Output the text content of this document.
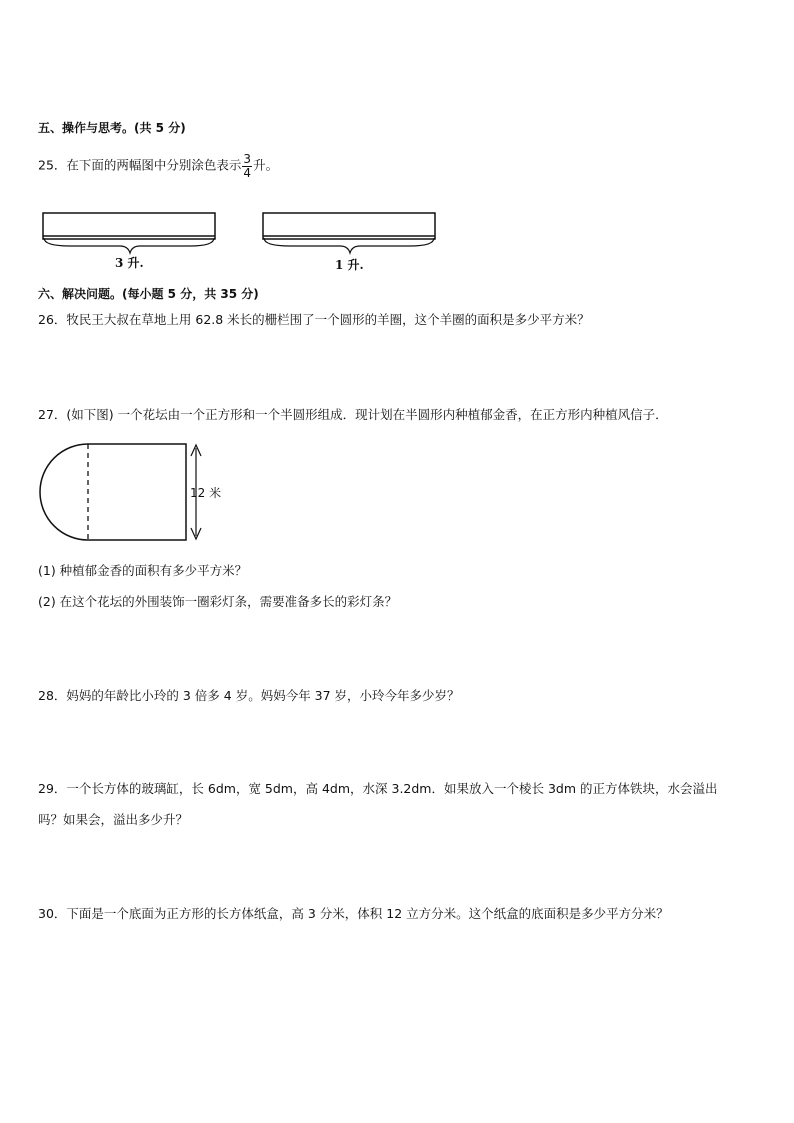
五、操作与思考。(共 5 分)
25．在下面的两幅图中分别涂色表示 $\frac{3}{4}$ 升。
3 升.	1 升.
六、解决问题。(每小题 5 分，共 35 分)
26．牧民王大叔在草地上用 62.8 米长的栅栏围了一个圆形的羊圈，这个羊圈的面积是多少平方米？
27．(如下图) 一个花坛由一个正方形和一个半圆形组成．现计划在半圆形内种植郁金香，在正方形内种植风信子．
12 米
(1) 种植郁金香的面积有多少平方米？
(2) 在这个花坛的外围装饰一圈彩灯条，需要准备多长的彩灯条？
28．妈妈的年龄比小玲的 3 倍多 4 岁。妈妈今年 37 岁，小玲今年多少岁？
29．一个长方体的玻璃缸，长 6dm，宽 5dm，高 4dm，水深 3.2dm．如果放入一个棱长 3dm 的正方体铁块，水会溢出
吗？如果会，溢出多少升？
30．下面是一个底面为正方形的长方体纸盒，高 3 分米，体积 12 立方分米。这个纸盒的底面积是多少平方分米？
